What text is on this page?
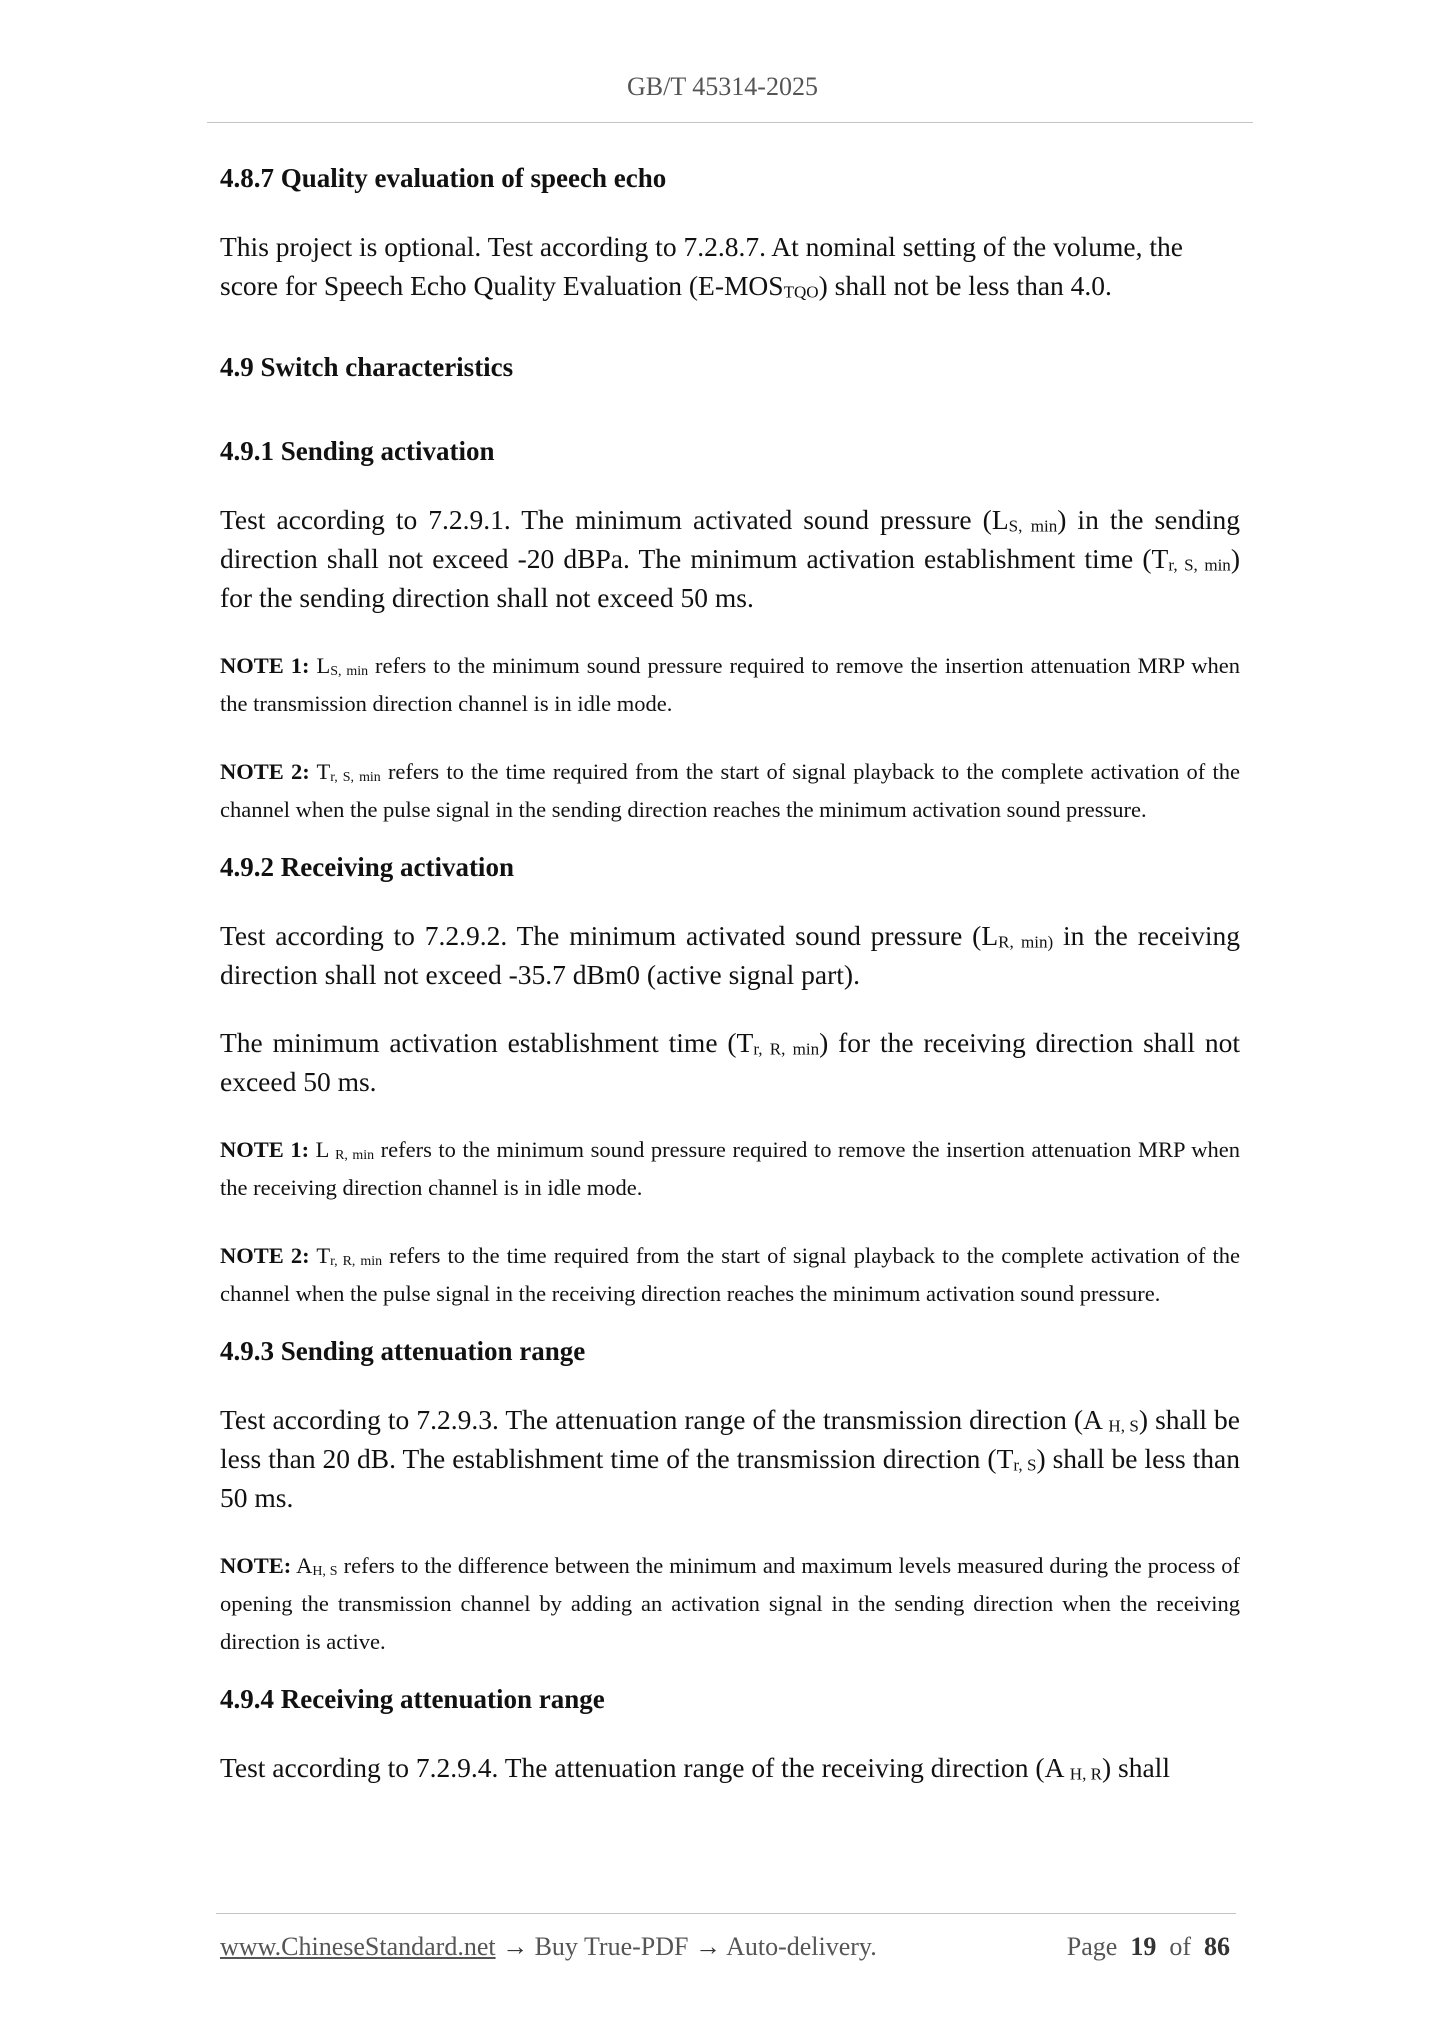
GB/T 45314-2025
4.8.7 Quality evaluation of speech echo

This project is optional. Test according to 7.2.8.7. At nominal setting of the volume, the score for Speech Echo Quality Evaluation $(E-MOS_{TQO})$ shall not be less than 4.0.

4.9 Switch characteristics
4.9.1 Sending activation

Test according to 7.2.9.1. The minimum activated sound pressure $(L_{S, min})$ in the sending direction shall not exceed -20 dBPa. The minimum activation establishment time $(T_{r, S, min})$ for the sending direction shall not exceed 50 ms.

NOTE 1: $L_{S, min}$ refers to the minimum sound pressure required to remove the insertion attenuation MRP when the transmission direction channel is in idle mode.

NOTE 2: $T_{r, S, min}$ refers to the time required from the start of signal playback to the complete activation of the channel when the pulse signal in the sending direction reaches the minimum activation sound pressure.

4.9.2 Receiving activation

Test according to 7.2.9.2. The minimum activated sound pressure ($L_{R, min)}$ in the receiving direction shall not exceed -35.7 dBm0 (active signal part).

The minimum activation establishment time $(T_{r, R, min})$ for the receiving direction shall not exceed 50 ms.

NOTE 1: L $_{R, min}$ refers to the minimum sound pressure required to remove the insertion attenuation MRP when the receiving direction channel is in idle mode.

NOTE 2: $T_{r, R, min}$ refers to the time required from the start of signal playback to the complete activation of the channel when the pulse signal in the receiving direction reaches the minimum activation sound pressure.

4.9.3 Sending attenuation range

Test according to 7.2.9.3. The attenuation range of the transmission direction (A $_{H, S}$) shall be less than 20 dB. The establishment time of the transmission direction $(T_{r, S})$ shall be less than 50 ms.

NOTE: $A_{H, S}$ refers to the difference between the minimum and maximum levels measured during the process of opening the transmission channel by adding an activation signal in the sending direction when the receiving direction is active.

4.9.4 Receiving attenuation range

Test according to 7.2.9.4. The attenuation range of the receiving direction (A $_{H, R}$) shall

www.ChineseStandard.net → Buy True-PDF → Auto-delivery.	Page 19 of 86
